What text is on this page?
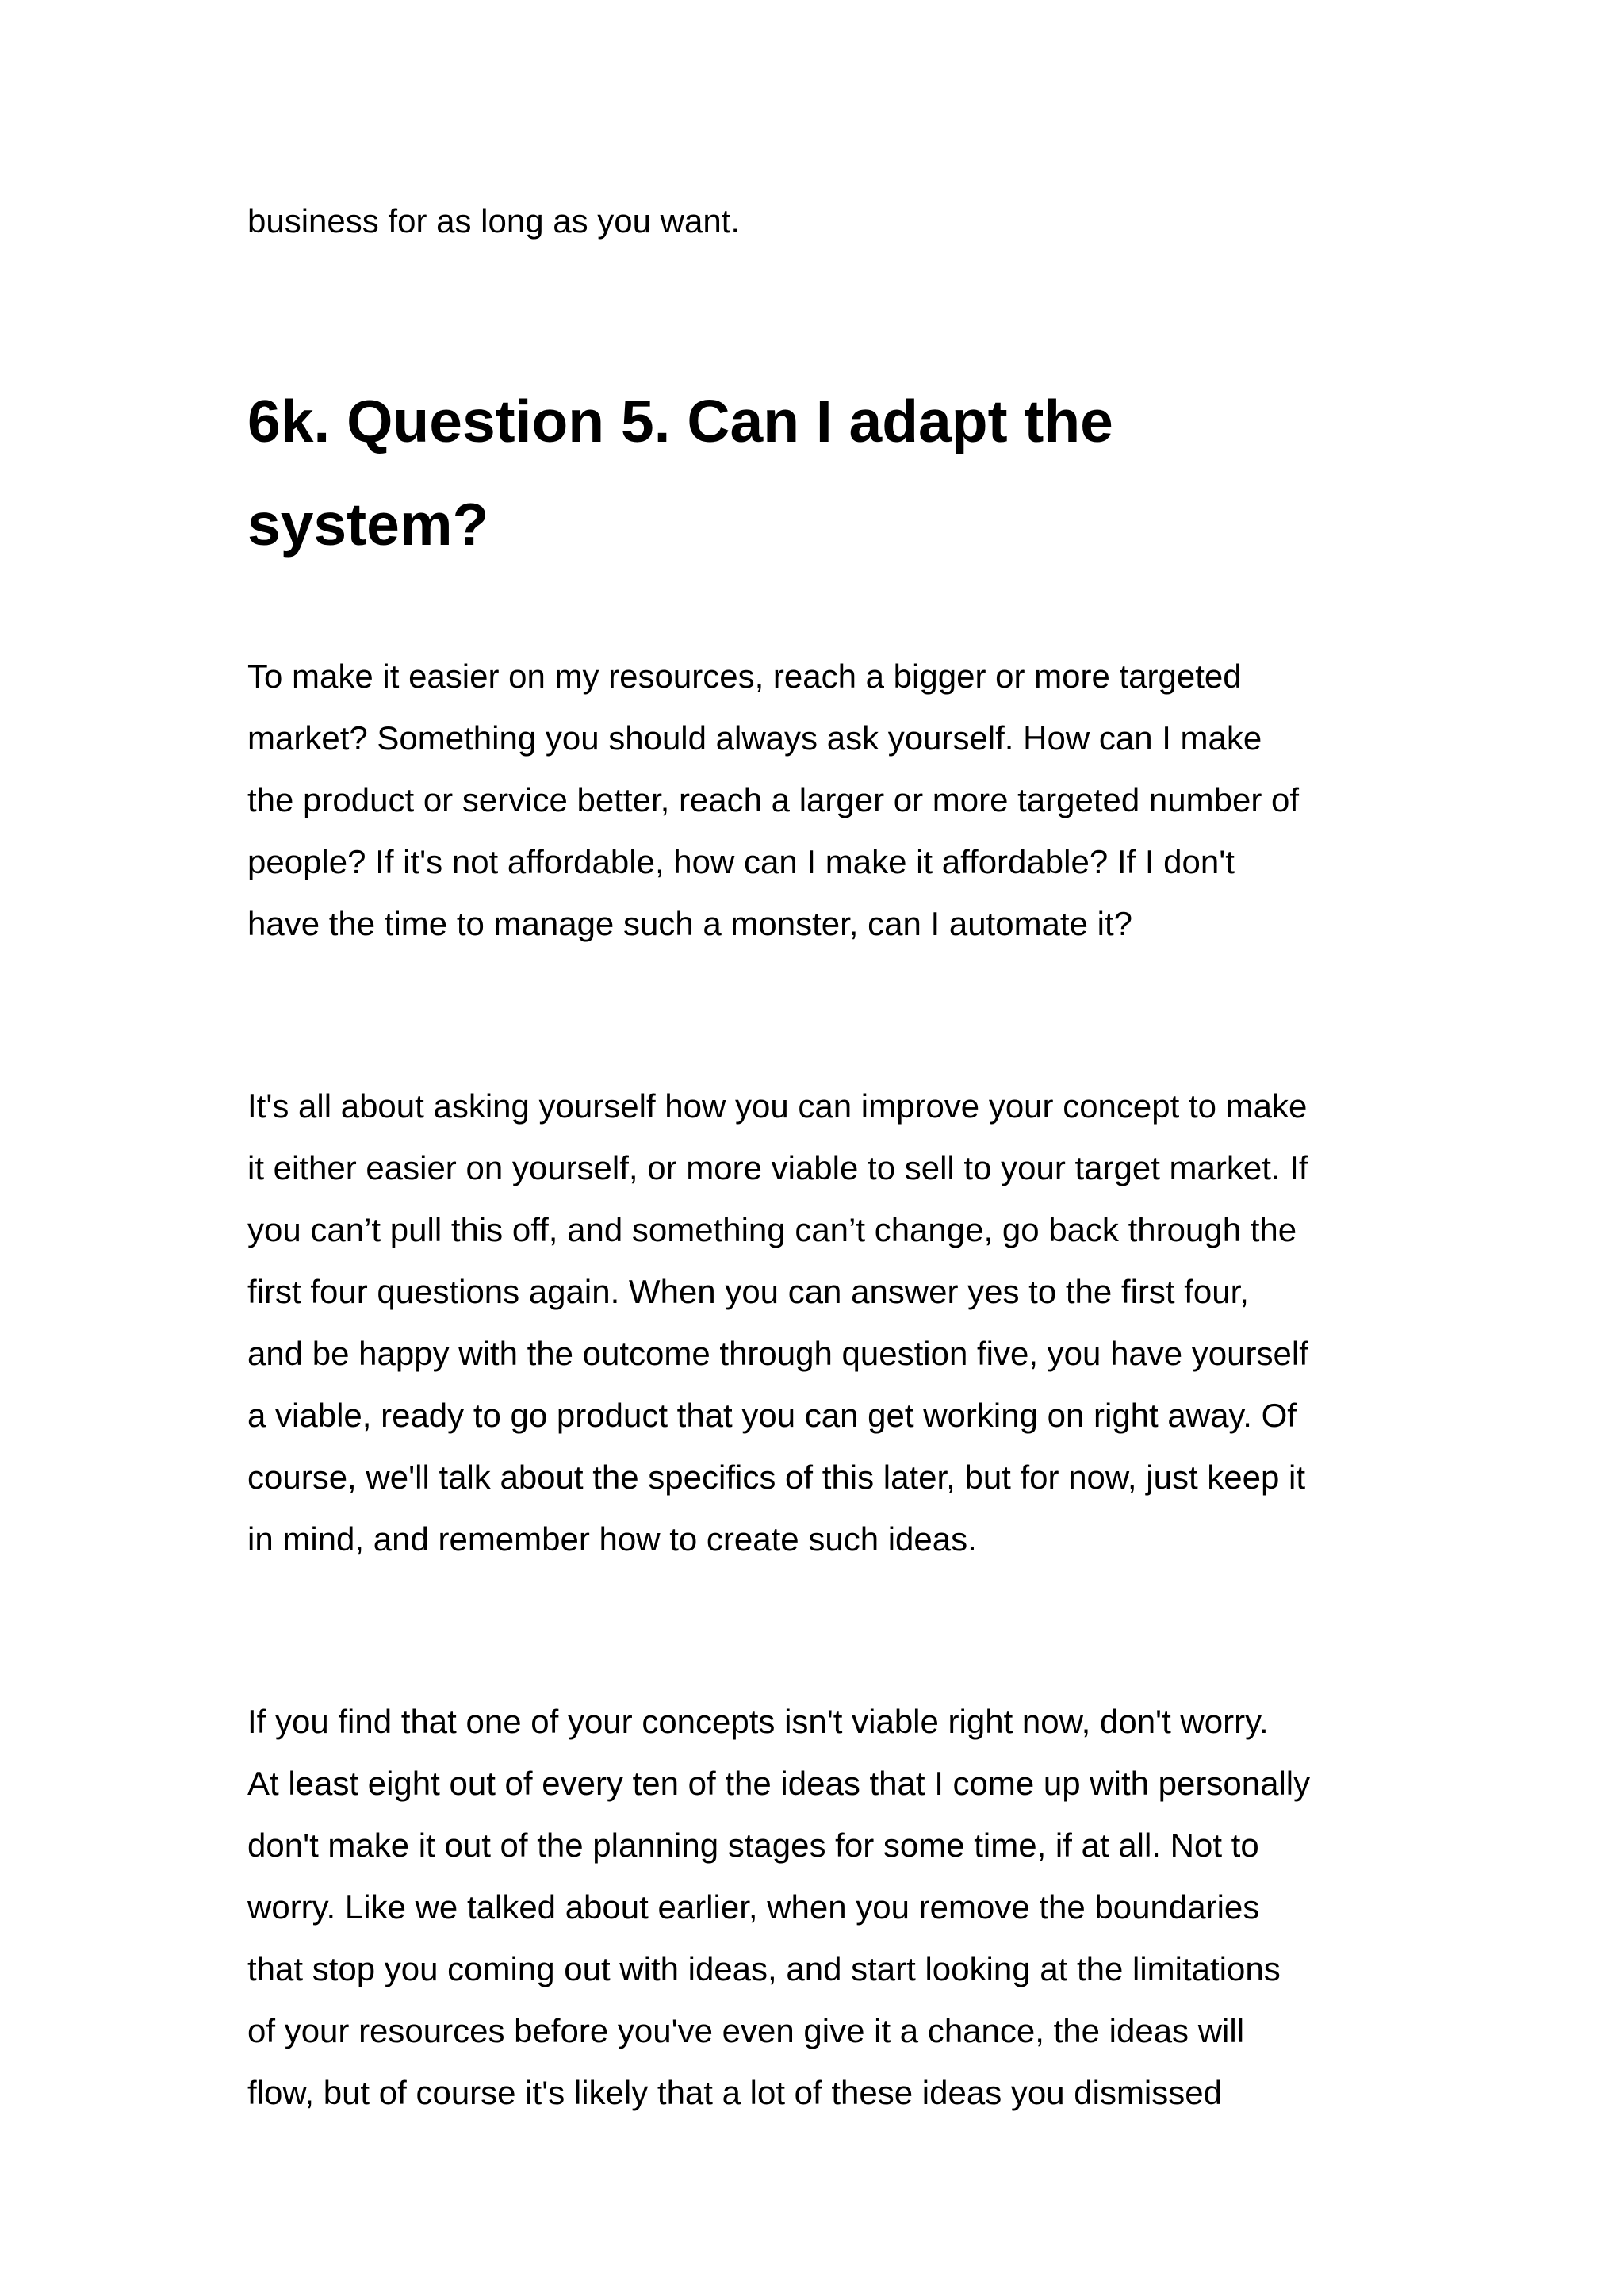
business for as long as you want.

6k. Question 5. Can I adapt the
system?
To make it easier on my resources, reach a bigger or more targeted
market? Something you should always ask yourself. How can I make
the product or service better, reach a larger or more targeted number of
people? If it's not affordable, how can I make it affordable? If I don't
have the time to manage such a monster, can I automate it?
It's all about asking yourself how you can improve your concept to make
it either easier on yourself, or more viable to sell to your target market. If
you can’t pull this off, and something can’t change, go back through the
first four questions again. When you can answer yes to the first four,
and be happy with the outcome through question five, you have yourself
a viable, ready to go product that you can get working on right away. Of
course, we'll talk about the specifics of this later, but for now, just keep it
in mind, and remember how to create such ideas.
If you find that one of your concepts isn't viable right now, don't worry.
At least eight out of every ten of the ideas that I come up with personally
don't make it out of the planning stages for some time, if at all. Not to
worry. Like we talked about earlier, when you remove the boundaries
that stop you coming out with ideas, and start looking at the limitations
of your resources before you've even give it a chance, the ideas will
flow, but of course it's likely that a lot of these ideas you dismissed
